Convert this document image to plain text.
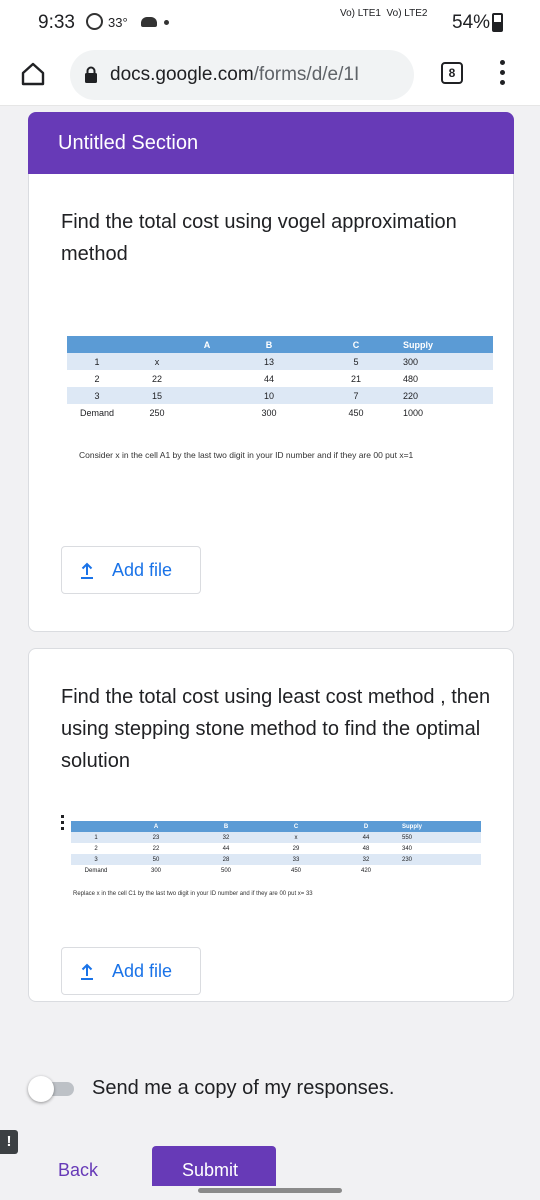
9:33	33°
Vo) LTE1 Vo) LTE2 54%
docs.google.com/forms/d/e/1I	8
Untitled Section
Find the total cost using vogel approximation method
		A	B	C	Supply
1	x		13	5	300
2	22		44	21	480
3	15		10	7	220
Demand	250		300	450	1000
Consider x in the cell A1 by the last two digit in your ID number and if they are 00 put x=1
Add file
Find the total cost using least cost method , then using stepping stone method to find the optimal solution
	A	B	C	D	Supply
1	23	32	x	44	550
2	22	44	29	48	340
3	50	28	33	32	230
Demand	300	500	450	420	
Replace x in the cell C1 by the last two digit in your ID number and if they are 00 put x= 33
Add file
Send me a copy of my responses.
!
Back	Submit
